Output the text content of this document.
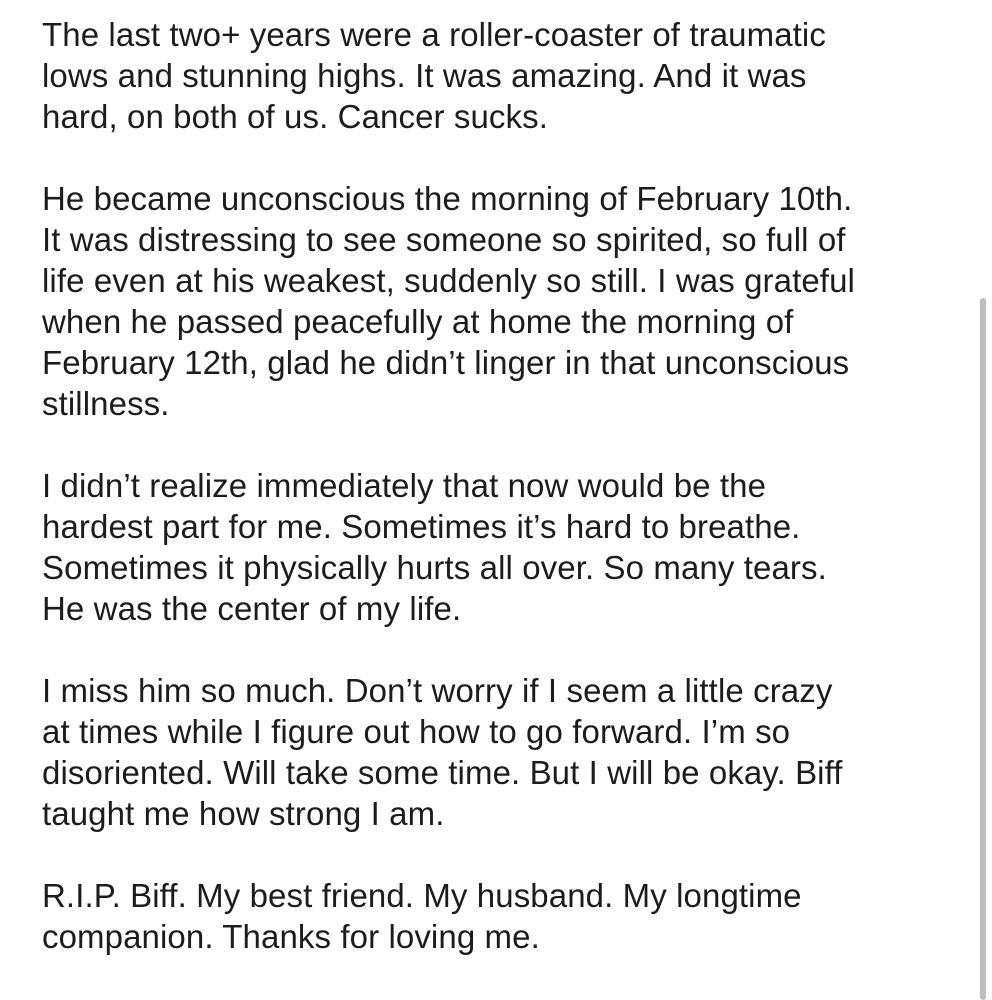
The last two+ years were a roller-coaster of traumatic
lows and stunning highs. It was amazing. And it was
hard, on both of us. Cancer sucks.

He became unconscious the morning of February 10th.
It was distressing to see someone so spirited, so full of
life even at his weakest, suddenly so still. I was grateful
when he passed peacefully at home the morning of
February 12th, glad he didn’t linger in that unconscious
stillness.

I didn’t realize immediately that now would be the
hardest part for me. Sometimes it’s hard to breathe.
Sometimes it physically hurts all over. So many tears.
He was the center of my life.

I miss him so much. Don’t worry if I seem a little crazy
at times while I figure out how to go forward. I’m so
disoriented. Will take some time. But I will be okay. Biff
taught me how strong I am.

R.I.P. Biff. My best friend. My husband. My longtime
companion. Thanks for loving me.
